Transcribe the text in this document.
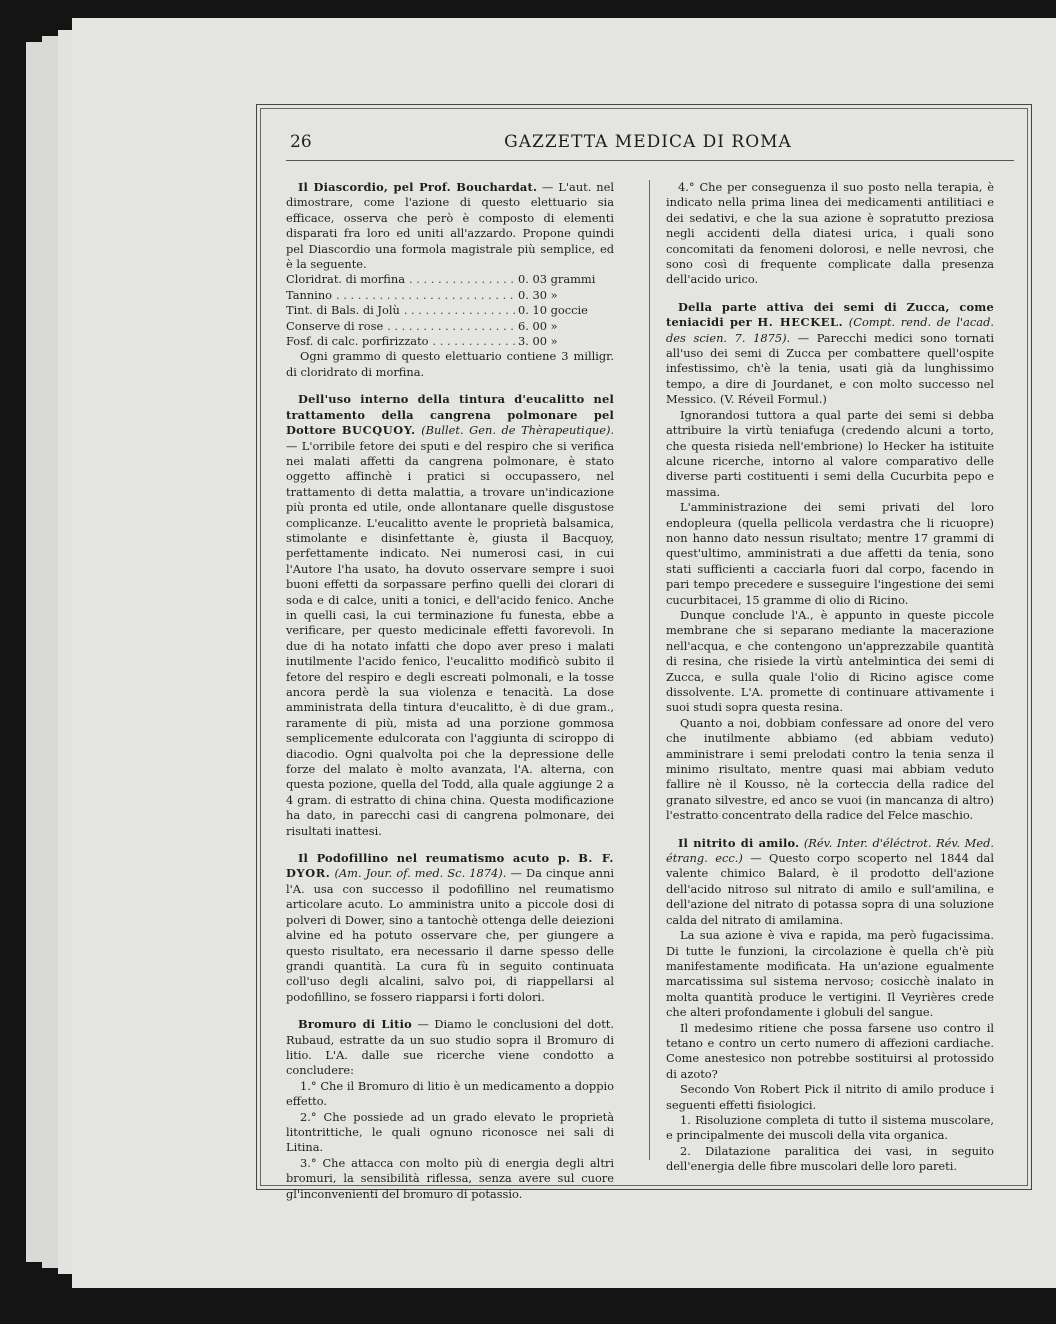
26	GAZZETTA MEDICA DI ROMA

Il Diascordio, pel Prof. Bouchardat. — L'aut. nel dimostrare, come l'azione di questo elettuario sia efficace, osserva che però è composto di elementi disparati fra loro ed uniti all'azzardo. Propone quindi pel Diascordio una formola magistrale più semplice, ed è la seguente.

Cloridrat. di morfina . . .	0. 03 grammi
Tannino . . .	0. 30 »
Tint. di Bals. di Jolù . . .	0. 10 goccie
Conserve di rose . . .	6. 00 »
Fosf. di calc. porfirizzato . . .	3. 00 »

Ogni grammo di questo elettuario contiene 3 milligr. di cloridrato di morfina.

Dell'uso interno della tintura d'eucalitto nel trattamento della cangrena polmonare pel Dottore BUCQUOY. (Bullet. Gen. de Thèrapeutique). — L'orribile fetore dei sputi e del respiro che si verifica nei malati affetti da cangrena polmonare, è stato oggetto affinchè i pratici si occupassero, nel trattamento di detta malattia, a trovare un'indicazione più pronta ed utile, onde allontanare quelle disgustose complicanze. L'eucalitto avente le proprietà balsamica, stimolante e disinfettante è, giusta il Bacquoy, perfettamente indicato. Nei numerosi casi, in cui l'Autore l'ha usato, ha dovuto osservare sempre i suoi buoni effetti da sorpassare perfino quelli dei clorari di soda e di calce, uniti a tonici, e dell'acido fenico. Anche in quelli casi, la cui terminazione fu funesta, ebbe a verificare, per questo medicinale effetti favorevoli. In due di ha notato infatti che dopo aver preso i malati inutilmente l'acido fenico, l'eucalitto modificò subito il fetore del respiro e degli escreati polmonali, e la tosse ancora perdè la sua violenza e tenacità. La dose amministrata della tintura d'eucalitto, è di due gram., raramente di più, mista ad una porzione gommosa semplicemente edulcorata con l'aggiunta di sciroppo di diacodio. Ogni qualvolta poi che la depressione delle forze del malato è molto avanzata, l'A. alterna, con questa pozione, quella del Todd, alla quale aggiunge 2 a 4 gram. di estratto di china china. Questa modificazione ha dato, in parecchi casi di cangrena polmonare, dei risultati inattesi.

Il Podofillino nel reumatismo acuto p. B. F. DYOR. (Am. Jour. of. med. Sc. 1874). — Da cinque anni l'A. usa con successo il podofillino nel reumatismo articolare acuto. Lo amministra unito a piccole dosi di polveri di Dower, sino a tantochè ottenga delle deiezioni alvine ed ha potuto osservare che, per giungere a questo risultato, era necessario il darne spesso delle grandi quantità. La cura fù in seguito continuata coll'uso degli alcalini, salvo poi, di riappellarsi al podofillino, se fossero riapparsi i forti dolori.

Bromuro di Litio — Diamo le conclusioni del dott. Rubaud, estratte da un suo studio sopra il Bromuro di litio. L'A. dalle sue ricerche viene condotto a concludere:

1.° Che il Bromuro di litio è un medicamento a doppio effetto.

2.° Che possiede ad un grado elevato le proprietà litontrittiche, le quali ognuno riconosce nei sali di Litina.

3.° Che attacca con molto più di energia degli altri bromuri, la sensibilità riflessa, senza avere sul cuore gl'inconvenienti del bromuro di potassio.

4.° Che per conseguenza il suo posto nella terapia, è indicato nella prima linea dei medicamenti antilitiaci e dei sedativi, e che la sua azione è sopratutto preziosa negli accidenti della diatesi urica, i quali sono concomitati da fenomeni dolorosi, e nelle nevrosi, che sono così di frequente complicate dalla presenza dell'acido urico.

Della parte attiva dei semi di Zucca, come teniacidi per H. HECKEL. (Compt. rend. de l'acad. des scien. 7. 1875). — Parecchi medici sono tornati all'uso dei semi di Zucca per combattere quell'ospite infestissimo, ch'è la tenia, usati già da lunghissimo tempo, a dire di Jourdanet, e con molto successo nel Messico. (V. Réveil Formul.)

Ignorandosi tuttora a qual parte dei semi si debba attribuire la virtù teniafuga (credendo alcuni a torto, che questa risieda nell'embrione) lo Hecker ha istituite alcune ricerche, intorno al valore comparativo delle diverse parti costituenti i semi della Cucurbita pepo e massima.

L'amministrazione dei semi privati del loro endopleura (quella pellicola verdastra che li ricuopre) non hanno dato nessun risultato; mentre 17 grammi di quest'ultimo, amministrati a due affetti da tenia, sono stati sufficienti a cacciarla fuori dal corpo, facendo in pari tempo precedere e susseguire l'ingestione dei semi cucurbitacei, 15 gramme di olio di Ricino.

Dunque conclude l'A., è appunto in queste piccole membrane che si separano mediante la macerazione nell'acqua, e che contengono un'apprezzabile quantità di resina, che risiede la virtù antelmintica dei semi di Zucca, e sulla quale l'olio di Ricino agisce come dissolvente. L'A. promette di continuare attivamente i suoi studi sopra questa resina.

Quanto a noi, dobbiam confessare ad onore del vero che inutilmente abbiamo (ed abbiam veduto) amministrare i semi prelodati contro la tenia senza il minimo risultato, mentre quasi mai abbiam veduto fallire nè il Kousso, nè la corteccia della radice del granato silvestre, ed anco se vuoi (in mancanza di altro) l'estratto concentrato della radice del Felce maschio.

Il nitrito di amilo. (Rév. Inter. d'éléctrot. Rév. Med. étrang. ecc.) — Questo corpo scoperto nel 1844 dal valente chimico Balard, è il prodotto dell'azione dell'acido nitroso sul nitrato di amilo e sull'amilina, e dell'azione del nitrato di potassa sopra di una soluzione calda del nitrato di amilamina.

La sua azione è viva e rapida, ma però fugacissima. Di tutte le funzioni, la circolazione è quella ch'è più manifestamente modificata. Ha un'azione egualmente marcatissima sul sistema nervoso; cosicchè inalato in molta quantità produce le vertigini. Il Veyrières crede che alteri profondamente i globuli del sangue.

Il medesimo ritiene che possa farsene uso contro il tetano e contro un certo numero di affezioni cardiache. Come anestesico non potrebbe sostituirsi al protossido di azoto?

Secondo Von Robert Pick il nitrito di amilo produce i seguenti effetti fisiologici.

1. Risoluzione completa di tutto il sistema muscolare, e principalmente dei muscoli della vita organica.

2. Dilatazione paralitica dei vasi, in seguito dell'energia delle fibre muscolari delle loro pareti.
